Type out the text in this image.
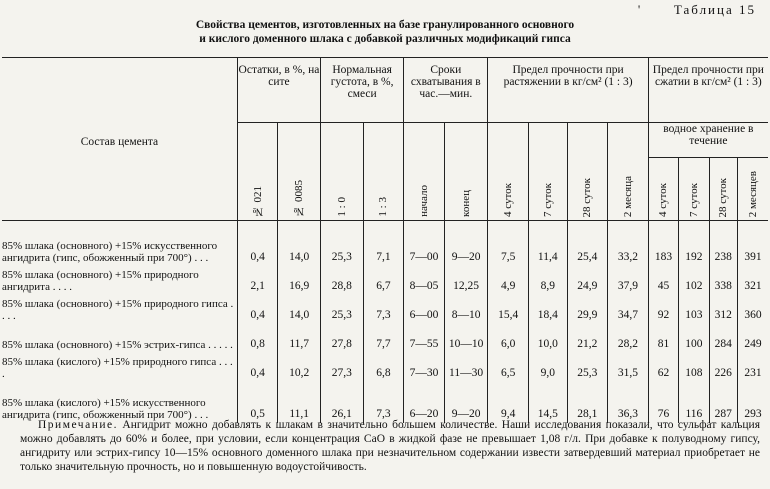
' Таблица 15
Свойства цементов, изготовленных на базе гранулированного основного
и кислого доменного шлака с добавкой различных модификаций гипса
Состав цемента	Остатки, в %, на сите		Нормальная густота, в %, смеси		Сроки схватывания в час.—мин.		Предел прочности при растяжении в кг/см² (1 : 3)				Предел прочности при сжатии в кг/см² (1 : 3)			
	№ 021	№ 0085	1 : 0	1 : 3	начало	конец	4 суток	7 суток	28 суток	2 месяца	водное хранение в течение			
											4 суток	7 суток	28 суток	2 месяцев
85% шлака (основного) +15% искусственного ангидрита (гипс, обожженный при 700°) . . .	0,4	14,0	25,3	7,1	7—00	9—20	7,5	11,4	25,4	33,2	183	192	238	391
85% шлака (основного) +15% природного ангидрита . . . .	2,1	16,9	28,8	6,7	8—05	12,25	4,9	8,9	24,9	37,9	45	102	338	321
85% шлака (основного) +15% природного гипса . . . .	0,4	14,0	25,3	7,3	6—00	8—10	15,4	18,4	29,9	34,7	92	103	312	360
85% шлака (основного) +15% эстрих-гипса . . . . .	0,8	11,7	27,8	7,7	7—55	10—10	6,0	10,0	21,2	28,2	81	100	284	249
85% шлака (кислого) +15% природного гипса . . . .	0,4	10,2	27,3	6,8	7—30	11—30	6,5	9,0	25,3	31,5	62	108	226	231
85% шлака (кислого) +15% искусственного ангидрита (гипс, обожженный при 700°) . . .	0,5	11,1	26,1	7,3	6—20	9—20	9,4	14,5	28,1	36,3	76	116	287	293
Примечание. Ангидрит можно добавлять к шлакам в значительно большем количестве. Наши исследования показали, что сульфат кальция можно добавлять до 60% и более, при условии, если концентрация CaO в жидкой фазе не превышает 1,08 г/л. При добавке к полуводному гипсу, ангидриту или эстрих-гипсу 10—15% основного доменного шлака при незначительном содержании извести затвердевший материал приобретает не только значительную прочность, но и повышенную водоустойчивость.
